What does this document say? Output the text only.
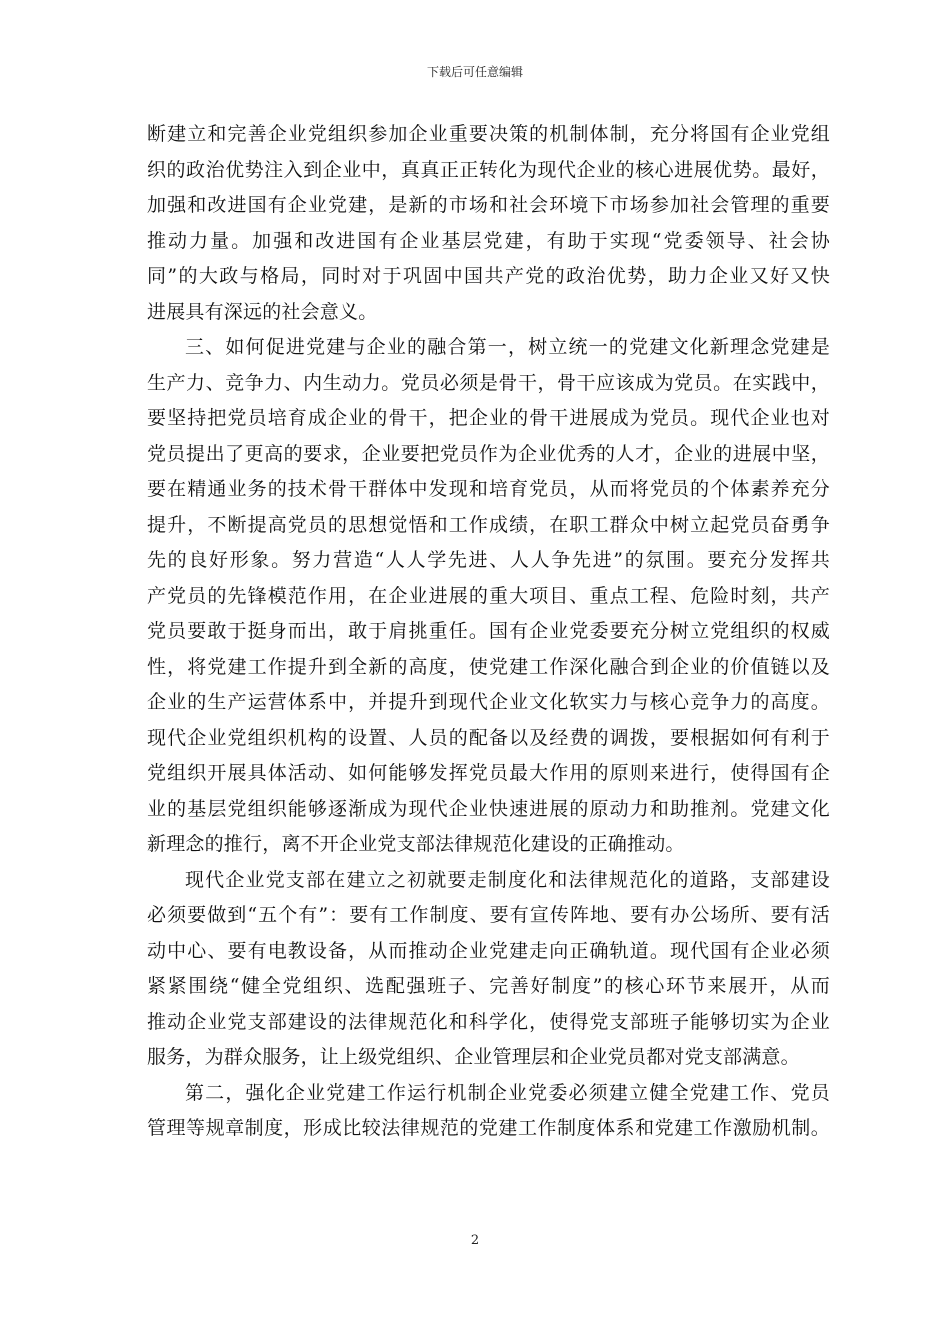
下载后可任意编辑
断建立和完善企业党组织参加企业重要决策的机制体制，充分将国有企业党组
织的政治优势注入到企业中，真真正正转化为现代企业的核心进展优势。最好，
加强和改进国有企业党建，是新的市场和社会环境下市场参加社会管理的重要
推动力量。加强和改进国有企业基层党建，有助于实现“党委领导、社会协
同”的大政与格局，同时对于巩固中国共产党的政治优势，助力企业又好又快
进展具有深远的社会意义。
三、如何促进党建与企业的融合第一，树立统一的党建文化新理念党建是
生产力、竞争力、内生动力。党员必须是骨干，骨干应该成为党员。在实践中，
要坚持把党员培育成企业的骨干，把企业的骨干进展成为党员。现代企业也对
党员提出了更高的要求，企业要把党员作为企业优秀的人才，企业的进展中坚，
要在精通业务的技术骨干群体中发现和培育党员，从而将党员的个体素养充分
提升，不断提高党员的思想觉悟和工作成绩，在职工群众中树立起党员奋勇争
先的良好形象。努力营造“人人学先进、人人争先进”的氛围。要充分发挥共
产党员的先锋模范作用，在企业进展的重大项目、重点工程、危险时刻，共产
党员要敢于挺身而出，敢于肩挑重任。国有企业党委要充分树立党组织的权威
性，将党建工作提升到全新的高度，使党建工作深化融合到企业的价值链以及
企业的生产运营体系中，并提升到现代企业文化软实力与核心竞争力的高度。
现代企业党组织机构的设置、人员的配备以及经费的调拨，要根据如何有利于
党组织开展具体活动、如何能够发挥党员最大作用的原则来进行，使得国有企
业的基层党组织能够逐渐成为现代企业快速进展的原动力和助推剂。党建文化
新理念的推行，离不开企业党支部法律规范化建设的正确推动。
现代企业党支部在建立之初就要走制度化和法律规范化的道路，支部建设
必须要做到“五个有”：要有工作制度、要有宣传阵地、要有办公场所、要有活
动中心、要有电教设备，从而推动企业党建走向正确轨道。现代国有企业必须
紧紧围绕“健全党组织、选配强班子、完善好制度”的核心环节来展开，从而
推动企业党支部建设的法律规范化和科学化，使得党支部班子能够切实为企业
服务，为群众服务，让上级党组织、企业管理层和企业党员都对党支部满意。
第二，强化企业党建工作运行机制企业党委必须建立健全党建工作、党员
管理等规章制度，形成比较法律规范的党建工作制度体系和党建工作激励机制。
2
